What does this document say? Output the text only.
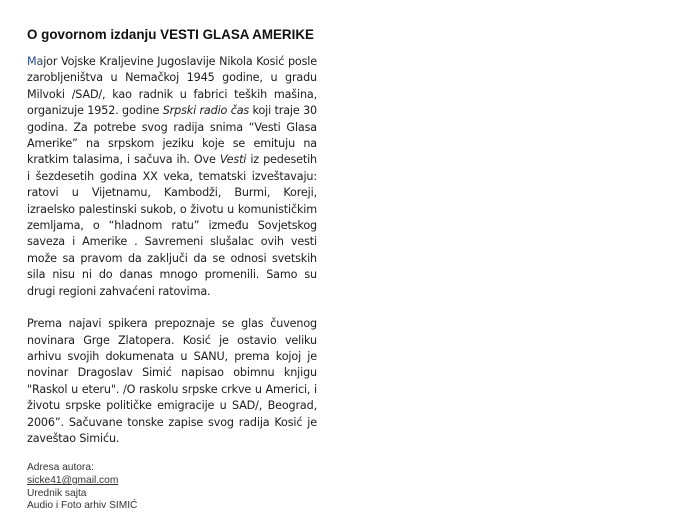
O govornom izdanju VESTI GLASA AMERIKE

Major Vojske Kraljevine Jugoslavije Nikola Kosić posle zarobljeništva u Nemačkoj 1945 godine, u gradu Milvoki /SAD/, kao radnik u fabrici teških mašina, organizuje 1952. godine Srpski radio čas koji traje 30 godina. Za potrebe svog radija snima “Vesti Glasa Amerike” na srpskom jeziku koje se emituju na kratkim talasima, i sačuva ih. Ove Vesti iz pedesetih i šezdesetih godina XX veka, tematski izveštavaju: ratovi u Vijetnamu, Kambodži, Burmi, Koreji, izraelsko palestinski sukob, o životu u komunističkim zemljama, o “hladnom ratu” između Sovjetskog saveza i Amerike . Savremeni slušalac ovih vesti može sa pravom da zaključi da se odnosi svetskih sila nisu ni do danas mnogo promenili. Samo su drugi regioni zahvaćeni ratovima.

Prema najavi spikera prepoznaje se glas čuvenog novinara Grge Zlatopera. Kosić je ostavio veliku arhivu svojih dokumenata u SANU, prema kojoj je novinar Dragoslav Simić napisao obimnu knjigu "Raskol u eteru". /O raskolu srpske crkve u Americi, i životu srpske političke emigracije u SAD/, Beograd, 2006”. Sačuvane tonske zapise svog radija Kosić je zaveštao Simiću.

Adresa autora:
sicke41@gmail.com
Urednik sajta
Audio i Foto arhiv SIMIĆ
